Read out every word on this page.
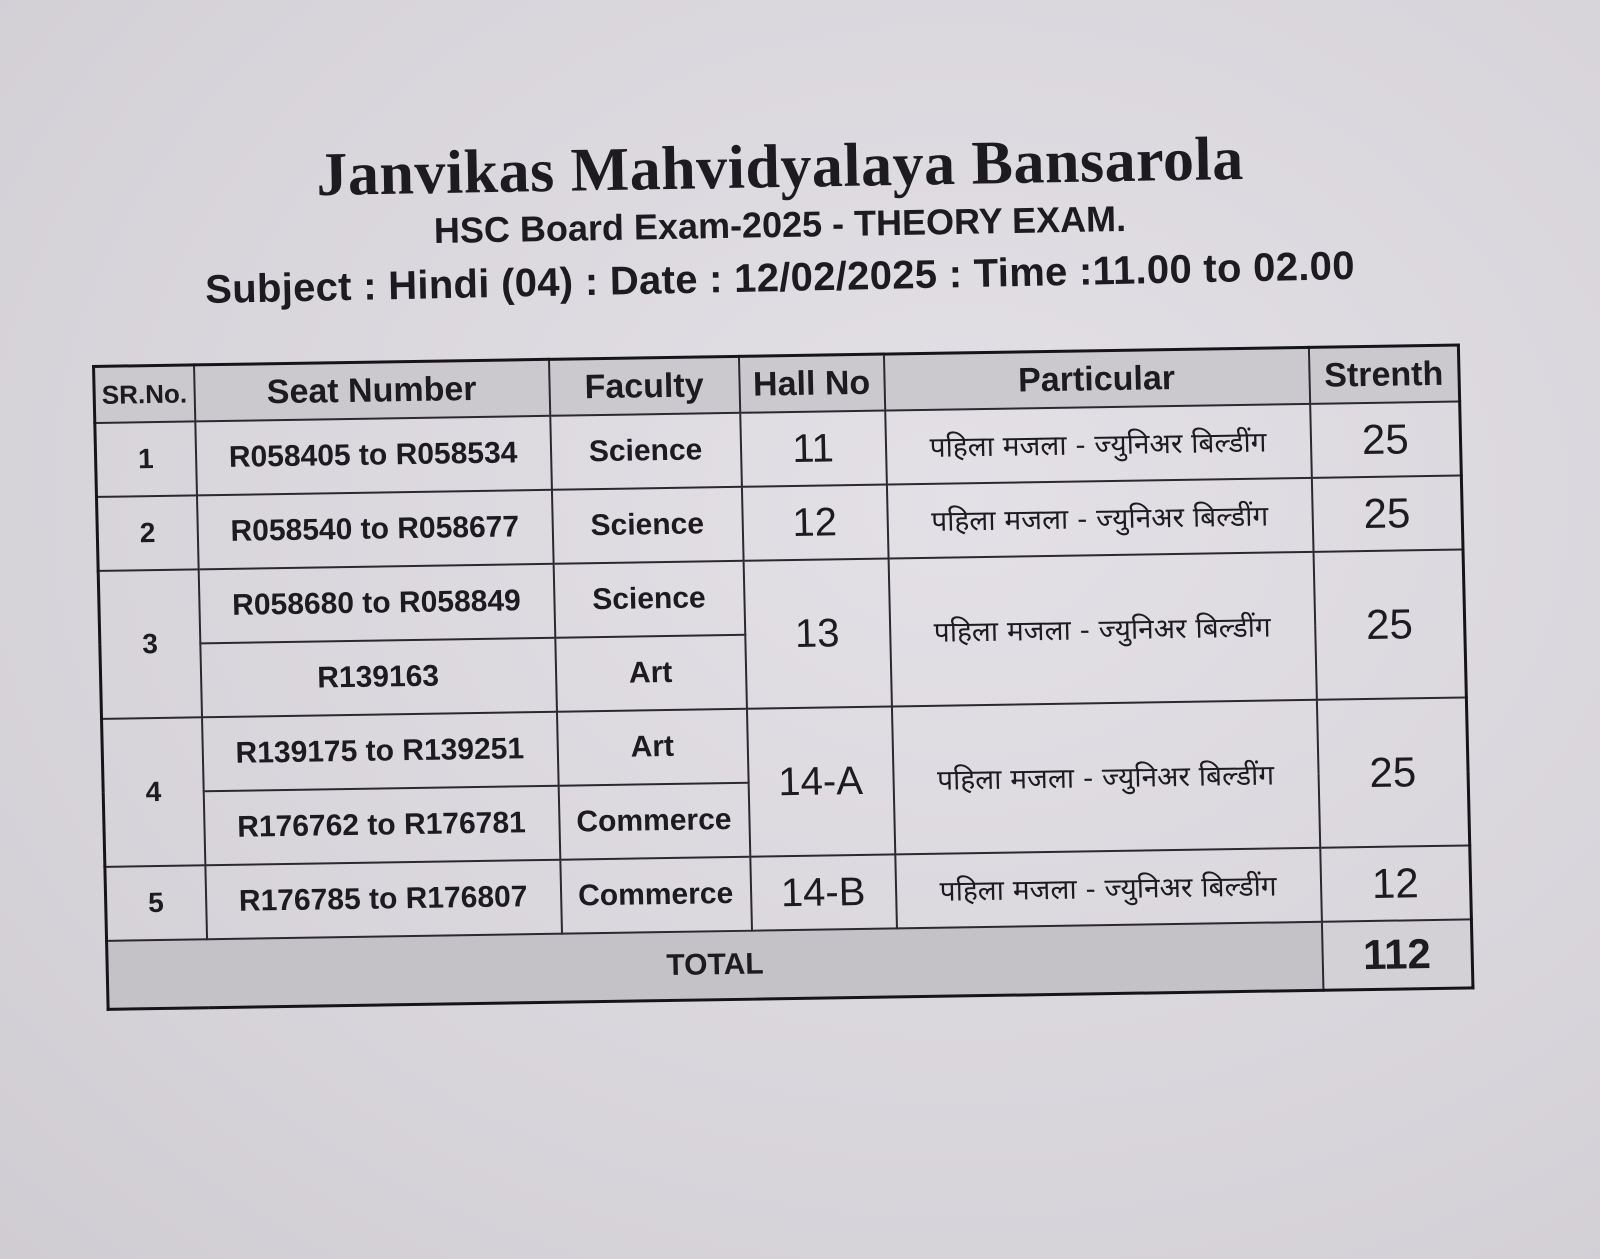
Janvikas Mahvidyalaya Bansarola
HSC Board Exam-2025 - THEORY EXAM.
Subject : Hindi (04) : Date : 12/02/2025 : Time :11.00 to 02.00
SR.No.	Seat Number	Faculty	Hall No	Particular	Strenth
1	R058405 to R058534	Science	11	पहिला मजला - ज्युनिअर बिल्डींग	25
2	R058540 to R058677	Science	12	पहिला मजला - ज्युनिअर बिल्डींग	25
3	R058680 to R058849	Science	13	पहिला मजला - ज्युनिअर बिल्डींग	25
	R139163	Art			
4	R139175 to R139251	Art	14-A	पहिला मजला - ज्युनिअर बिल्डींग	25
	R176762 to R176781	Commerce			
5	R176785 to R176807	Commerce	14-B	पहिला मजला - ज्युनिअर बिल्डींग	12
TOTAL					112
